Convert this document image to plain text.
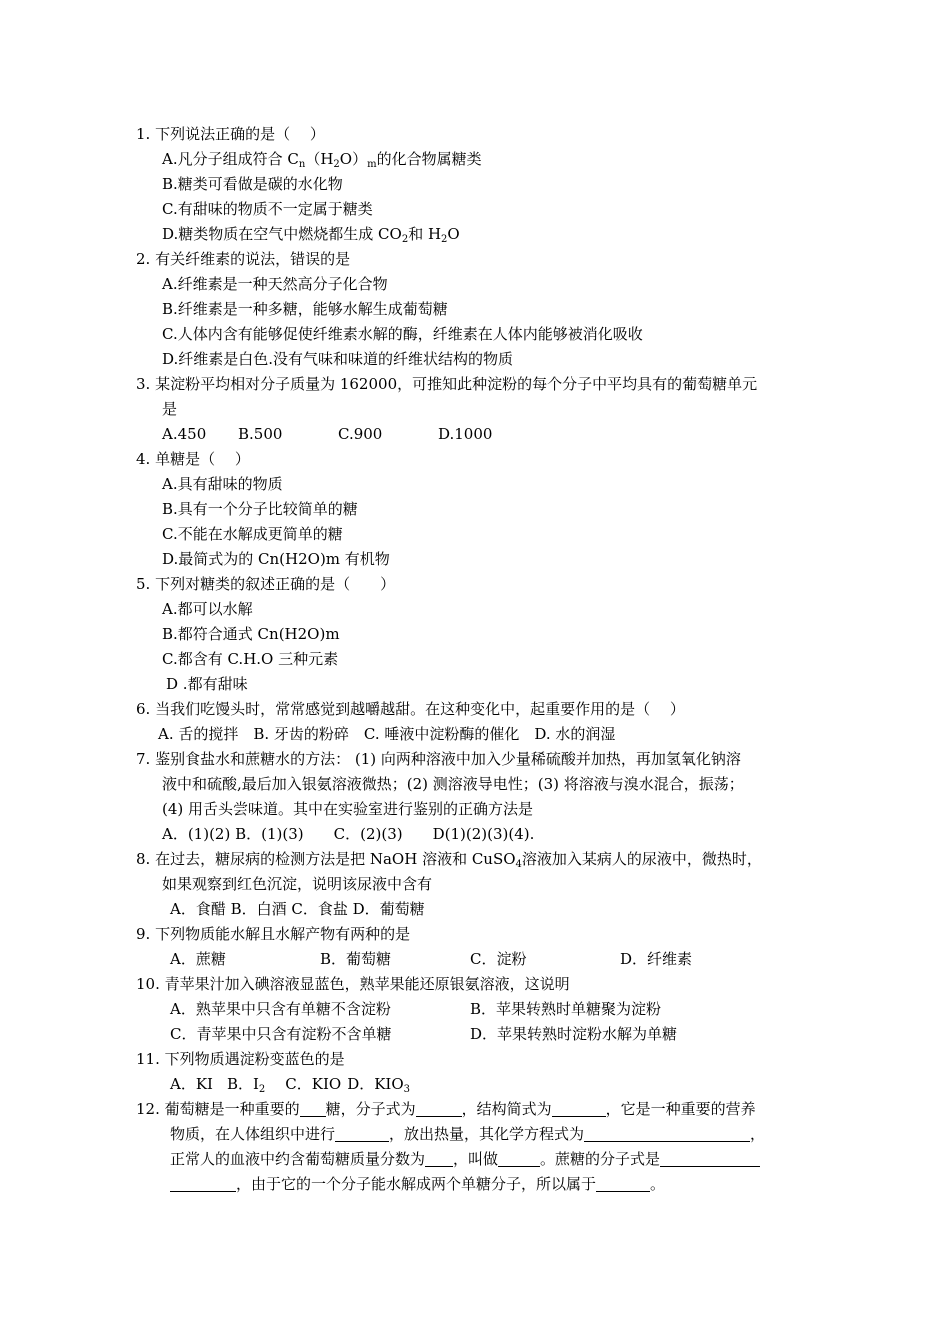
1. 下列说法正确的是（　 ）
A.凡分子组成符合 $C_n(H_2O)_m$的化合物属糖类
B.糖类可看做是碳的水化物
C.有甜味的物质不一定属于糖类
D.糖类物质在空气中燃烧都生成 $CO_2$和 $H_2O$
2. 有关纤维素的说法，错误的是
A.纤维素是一种天然高分子化合物
B.纤维素是一种多糖，能够水解生成葡萄糖
C.人体内含有能够促使纤维素水解的酶，纤维素在人体内能够被消化吸收
D.纤维素是白色.没有气味和味道的纤维状结构的物质
3. 某淀粉平均相对分子质量为 162000，可推知此种淀粉的每个分子中平均具有的葡萄糖单元
是
A.450 B.500	C.900	D.1000
4. 单糖是（　 ）
A.具有甜味的物质
B.具有一个分子比较简单的糖
C.不能在水解成更简单的糖
D.最简式为的 Cn(H2O)m 有机物
5. 下列对糖类的叙述正确的是（　　）
A.都可以水解
B.都符合通式 Cn(H2O)m
C.都含有 C.H.O 三种元素
D .都有甜味
6. 当我们吃馒头时，常常感觉到越嚼越甜。在这种变化中，起重要作用的是（　 ）
A. 舌的搅拌　B. 牙齿的粉碎　C. 唾液中淀粉酶的催化　D. 水的润湿
7. 鉴别食盐水和蔗糖水的方法： (1) 向两种溶液中加入少量稀硫酸并加热，再加氢氧化钠溶
液中和硫酸,最后加入银氨溶液微热；(2) 测溶液导电性；(3) 将溶液与溴水混合，振荡；
(4) 用舌头尝味道。其中在实验室进行鉴别的正确方法是
A．(1)(2) B．(1)(3)　　C．(2)(3)　　D(1)(2)(3)(4).
8. 在过去，糖尿病的检测方法是把 NaOH 溶液和 CuSO$_4$溶液加入某病人的尿液中，微热时，
如果观察到红色沉淀，说明该尿液中含有
A．食醋 B．白酒 C．食盐 D．葡萄糖
9. 下列物质能水解且水解产物有两种的是
A．蔗糖	B．葡萄糖	C．淀粉	D．纤维素
10. 青苹果汁加入碘溶液显蓝色，熟苹果能还原银氨溶液，这说明
A．熟苹果中只含有单糖不含淀粉	B．苹果转熟时单糖聚为淀粉
C．青苹果中只含有淀粉不含单糖	D．苹果转熟时淀粉水解为单糖
11. 下列物质遇淀粉变蓝色的是
A．KI B．$I_2$ C．KIO D．$KIO_3$
12. 葡萄糖是一种重要的 糖，分子式为	，结构简式为	，它是一种重要的营养
物质，在人体组织中进行	，放出热量，其化学方程式为	，
正常人的血液中约含葡萄糖质量分数为 ，叫做	。蔗糖的分子式是
，由于它的一个分子能水解成两个单糖分子，所以属于	。
